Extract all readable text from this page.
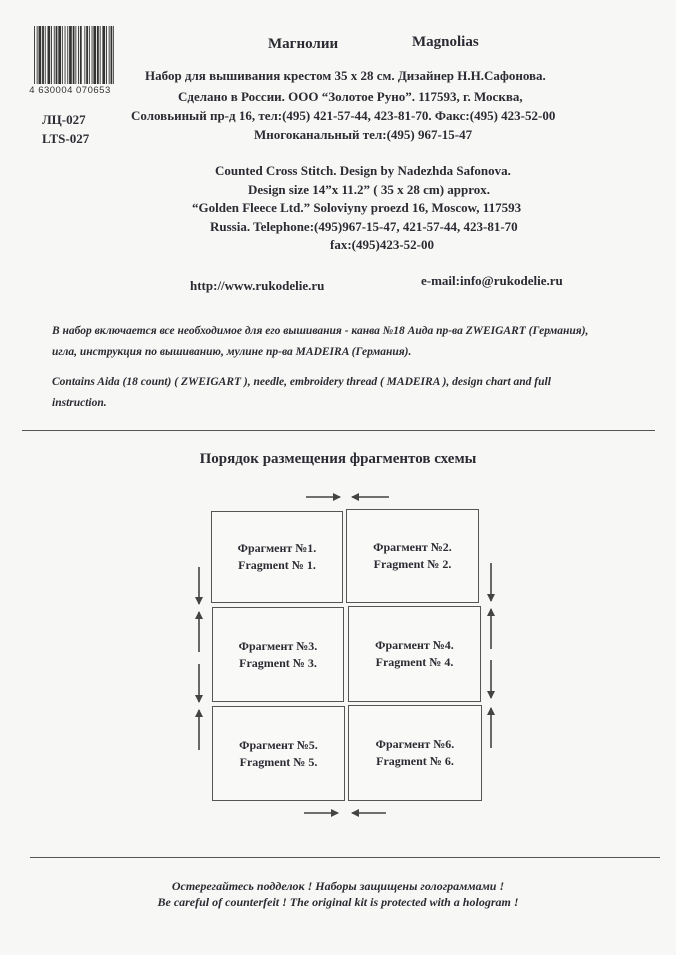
4 630004 070653
ЛЦ-027
LTS-027
Магнолии	Magnolias
Набор для вышивания крестом 35 х 28 см. Дизайнер Н.Н.Сафонова.
Сделано в России. ООО “Золотое Руно”. 117593, г. Москва,
Соловьиный пр-д 16, тел:(495) 421-57-44, 423-81-70. Факс:(495) 423-52-00
Многоканальный тел:(495) 967-15-47
Counted Cross Stitch. Design by Nadezhda Safonova.
Design size 14”x 11.2” ( 35 x 28 cm) approx.
“Golden Fleece Ltd.” Soloviyny proezd 16, Moscow, 117593
Russia. Telephone:(495)967-15-47, 421-57-44, 423-81-70
fax:(495)423-52-00
http://www.rukodelie.ru	e-mail:info@rukodelie.ru
В набор включается все необходимое для его вышивания - канва №18 Аида пр-ва ZWEIGART (Германия),
игла, инструкция по вышиванию, мулине пр-ва MADEIRA (Германия).
Contains Aida (18 count) ( ZWEIGART ), needle, embroidery thread ( MADEIRA ), design chart and full
instruction.
Порядок размещения фрагментов схемы
Фрагмент №1.
Fragment № 1.
Фрагмент №2.
Fragment № 2.
Фрагмент №3.
Fragment № 3.
Фрагмент №4.
Fragment № 4.
Фрагмент №5.
Fragment № 5.
Фрагмент №6.
Fragment № 6.
Остерегайтесь подделок ! Наборы защищены голограммами !
Be careful of counterfeit ! The original kit is protected with a hologram !
